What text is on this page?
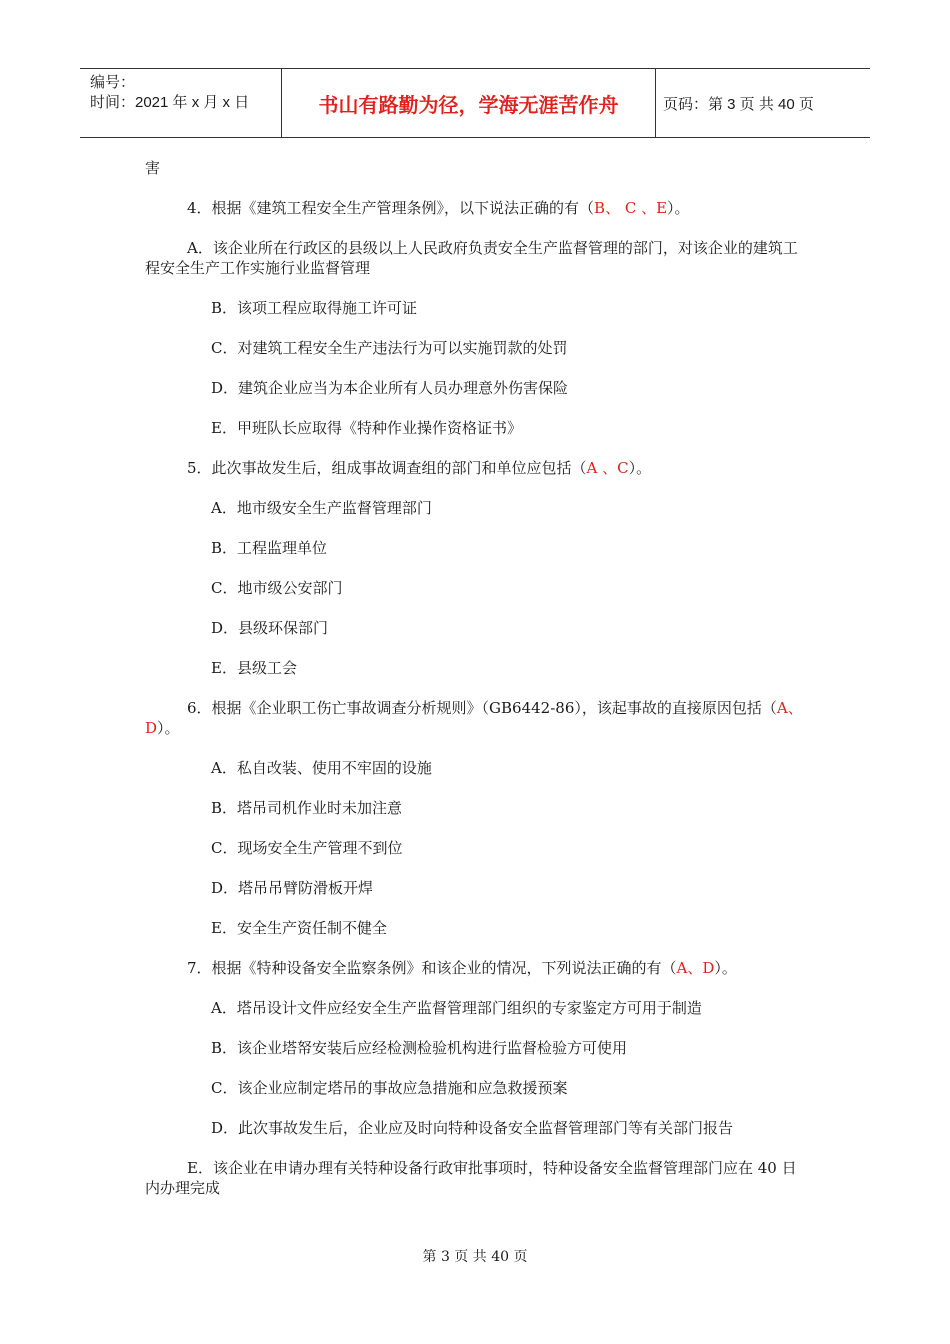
编号：
时间：2021 年 x 月 x 日	书山有路勤为径，学海无涯苦作舟	页码：第 3 页 共 40 页

害

4．根据《建筑工程安全生产管理条例》，以下说法正确的有（B、 C 、E）。

A．该企业所在行政区的县级以上人民政府负责安全生产监督管理的部门，对该企业的建筑工程安全生产工作实施行业监督管理

B．该项工程应取得施工许可证

C．对建筑工程安全生产违法行为可以实施罚款的处罚

D．建筑企业应当为本企业所有人员办理意外伤害保险

E．甲班队长应取得《特种作业操作资格证书》

5．此次事故发生后，组成事故调查组的部门和单位应包括（A 、C）。

A．地市级安全生产监督管理部门

B．工程监理单位

C．地市级公安部门

D．县级环保部门

E．县级工会

6．根据《企业职工伤亡事故调查分析规则》（GB6442-86），该起事故的直接原因包括（A、D）。

A．私自改装、使用不牢固的设施

B．塔吊司机作业时未加注意

C．现场安全生产管理不到位

D．塔吊吊臂防滑板开焊

E．安全生产资任制不健全

7．根据《特种设备安全监察条例》和该企业的情况，下列说法正确的有（A、D）。

A．塔吊设计文件应经安全生产监督管理部门组织的专家鉴定方可用于制造

B．该企业塔帑安装后应经检测检验机构进行监督检验方可使用

C．该企业应制定塔吊的事故应急措施和应急救援预案

D．此次事故发生后，企业应及时向特种设备安全监督管理部门等有关部门报告

E．该企业在申请办理有关特种设备行政审批事项时，特种设备安全监督管理部门应在 40 日内办理完成

第 3 页 共 40 页
